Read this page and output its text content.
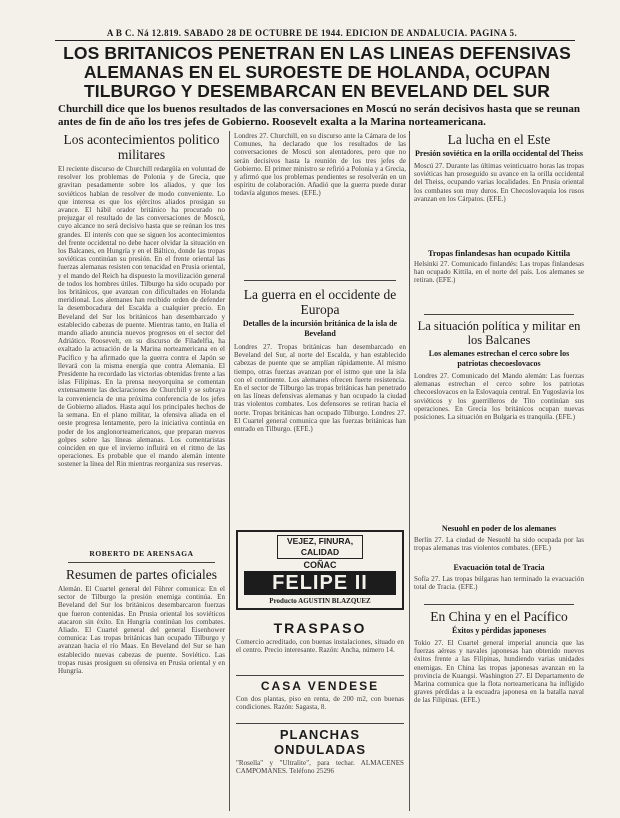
A B C. Ná 12.819. SABADO 28 DE OCTUBRE DE 1944. EDICION DE ANDALUCIA. PAGINA 5.
LOS BRITANICOS PENETRAN EN LAS LINEAS DEFENSIVAS ALEMANAS EN EL SUROESTE DE HOLANDA, OCUPAN TILBURGO Y DESEMBARCAN EN BEVELAND DEL SUR
Churchill dice que los buenos resultados de las conversaciones en Moscú no serán decisivos hasta que se reunan antes de fin de año los tres jefes de Gobierno. Roosevelt exalta a la Marina norteamericana.
Los acontecimientos politico militares
El reciente discurso de Churchill redargüía en voluntad de resolver los problemas de Polonia y de Grecia, que gravitan pesadamente sobre los aliados, y que los soviéticos habían de resolver de modo conveniente. Lo que interesa es que los ejércitos aliados prosigan su avance. El hábil orador británico ha procurado no prejuzgar el resultado de las conversaciones de Moscú, cuyo alcance no será decisivo hasta que se reúnan los tres grandes. El interés con que se siguen los acontecimientos del frente occidental no debe hacer olvidar la situación en los Balcanes, en Hungría y en el Báltico, donde las tropas soviéticas continúan su presión. En el frente oriental las fuerzas alemanas resisten con tenacidad en Prusia oriental, y el mando del Reich ha dispuesto la movilización general de todos los hombres útiles. Tilburgo ha sido ocupado por los británicos, que avanzan con dificultades en Holanda meridional. Los alemanes han recibido orden de defender la desembocadura del Escalda a cualquier precio. En Beveland del Sur los británicos han desembarcado y establecido cabezas de puente. Mientras tanto, en Italia el mando aliado anuncia nuevos progresos en el sector del Adriático. Roosevelt, en su discurso de Filadelfia, ha exaltado la actuación de la Marina norteamericana en el Pacífico y ha afirmado que la guerra contra el Japón se llevará con la misma energía que contra Alemania. El Presidente ha recordado las victorias obtenidas frente a las islas Filipinas. En la prensa neoyorquina se comentan extensamente las declaraciones de Churchill y se subraya la conveniencia de una próxima conferencia de los jefes de Gobierno aliados. Hasta aquí los principales hechos de la semana. En el plano militar, la ofensiva aliada en el oeste progresa lentamente, pero la iniciativa continúa en poder de los anglonorteamericanos, que preparan nuevos golpes sobre las líneas alemanas. Los comentaristas coinciden en que el invierno influirá en el ritmo de las operaciones. Es probable que el mando alemán intente sostener la línea del Rin mientras reorganiza sus reservas.
ROBERTO DE ARENSAGA
Resumen de partes oficiales
Alemán. El Cuartel general del Führer comunica: En el sector de Tilburgo la presión enemiga continúa. En Beveland del Sur los británicos desembarcaron fuerzas que fueron contenidas. En Prusia oriental los soviéticos atacaron sin éxito. En Hungría continúan los combates. Aliado. El Cuartel general del general Eisenhower comunica: Las tropas británicas han ocupado Tilburgo y avanzan hacia el río Maas. En Beveland del Sur se han establecido nuevas cabezas de puente. Soviético. Las tropas rusas prosiguen su ofensiva en Prusia oriental y en Hungría.
Londres 27. Churchill, en su discurso ante la Cámara de los Comunes, ha declarado que los resultados de las conversaciones de Moscú son alentadores, pero que no serán decisivos hasta la reunión de los tres jefes de Gobierno. El primer ministro se refirió a Polonia y a Grecia, y afirmó que los problemas pendientes se resolverán en un espíritu de colaboración. Añadió que la guerra puede durar todavía algunos meses. (EFE.)
La guerra en el occidente de Europa
Detalles de la incursión británica de la isla de Beveland
Londres 27. Tropas británicas han desembarcado en Beveland del Sur, al norte del Escalda, y han establecido cabezas de puente que se amplían rápidamente. Al mismo tiempo, otras fuerzas avanzan por el istmo que une la isla con el continente. Los alemanes ofrecen fuerte resistencia. En el sector de Tilburgo las tropas británicas han penetrado en las líneas defensivas alemanas y han ocupado la ciudad tras violentos combates. Los defensores se retiran hacia el norte. Tropas británicas han ocupado Tilburgo. Londres 27. El Cuartel general comunica que las fuerzas británicas han entrado en Tilburgo. (EFE.)
VEJEZ, FINURA, CALIDAD
COÑAC
FELIPE II
Producto AGUSTIN BLAZQUEZ
TRASPASO
Comercio acreditado, con buenas instalaciones, situado en el centro. Precio interesante. Razón: Ancha, número 14.
CASA VENDESE
Con dos plantas, piso en renta, de 200 m2, con buenas condiciones. Razón: Sagasta, 8.
PLANCHAS ONDULADAS
"Rosella" y "Ultralite", para techar. ALMACENES CAMPOMANES. Teléfono 25296
La lucha en el Este
Presión soviética en la orilla occidental del Theiss
Moscú 27. Durante las últimas veinticuatro horas las tropas soviéticas han proseguido su avance en la orilla occidental del Theiss, ocupando varias localidades. En Prusia oriental los combates son muy duros. En Checoslovaquia los rusos avanzan en los Cárpatos. (EFE.)
Tropas finlandesas han ocupado Kittila
Helsinki 27. Comunicado finlandés: Las tropas finlandesas han ocupado Kittila, en el norte del país. Los alemanes se retiran. (EFE.)
La situación política y militar en los Balcanes
Los alemanes estrechan el cerco sobre los patriotas checoeslovacos
Londres 27. Comunicado del Mando alemán: Las fuerzas alemanas estrechan el cerco sobre los patriotas checoeslovacos en la Eslovaquia central. En Yugoslavia los soviéticos y los guerrilleros de Tito continúan sus operaciones. En Grecia los británicos ocupan nuevas posiciones. La situación en Bulgaria es tranquila. (EFE.)
Nesuohl en poder de los alemanes
Berlín 27. La ciudad de Nesuohl ha sido ocupada por las tropas alemanas tras violentos combates. (EFE.)
Evacuación total de Tracia
Sofía 27. Las tropas búlgaras han terminado la evacuación total de Tracia. (EFE.)
En China y en el Pacífico
Éxitos y pérdidas japoneses
Tokio 27. El Cuartel general imperial anuncia que las fuerzas aéreas y navales japonesas han obtenido nuevos éxitos frente a las Filipinas, hundiendo varias unidades enemigas. En China las tropas japonesas avanzan en la provincia de Kuangsi. Washington 27. El Departamento de Marina comunica que la flota norteamericana ha infligido graves pérdidas a la escuadra japonesa en la batalla naval de las Filipinas. (EFE.)
